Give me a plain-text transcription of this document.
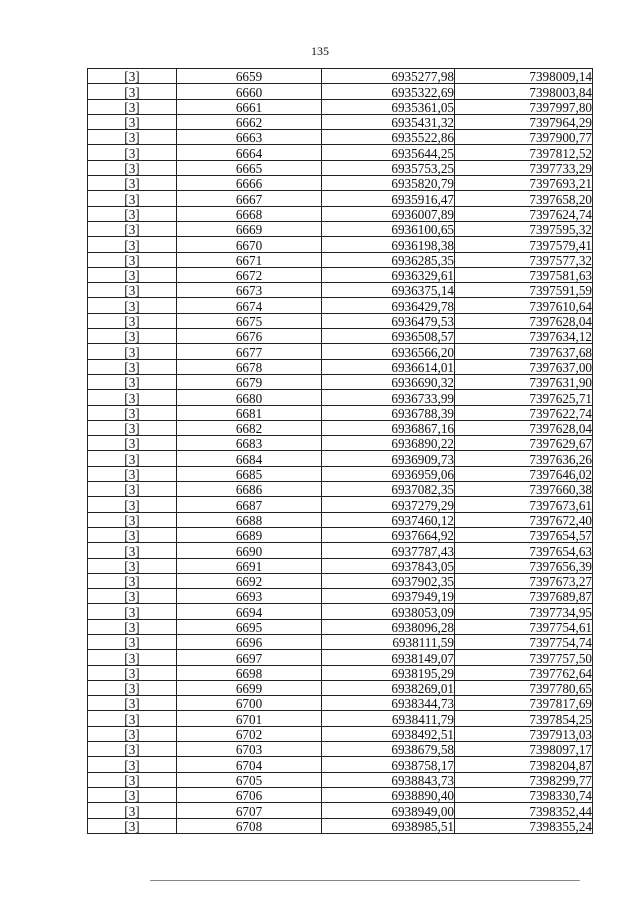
135
[3]	6659	6935277,98	7398009,14
[3]	6660	6935322,69	7398003,84
[3]	6661	6935361,05	7397997,80
[3]	6662	6935431,32	7397964,29
[3]	6663	6935522,86	7397900,77
[3]	6664	6935644,25	7397812,52
[3]	6665	6935753,25	7397733,29
[3]	6666	6935820,79	7397693,21
[3]	6667	6935916,47	7397658,20
[3]	6668	6936007,89	7397624,74
[3]	6669	6936100,65	7397595,32
[3]	6670	6936198,38	7397579,41
[3]	6671	6936285,35	7397577,32
[3]	6672	6936329,61	7397581,63
[3]	6673	6936375,14	7397591,59
[3]	6674	6936429,78	7397610,64
[3]	6675	6936479,53	7397628,04
[3]	6676	6936508,57	7397634,12
[3]	6677	6936566,20	7397637,68
[3]	6678	6936614,01	7397637,00
[3]	6679	6936690,32	7397631,90
[3]	6680	6936733,99	7397625,71
[3]	6681	6936788,39	7397622,74
[3]	6682	6936867,16	7397628,04
[3]	6683	6936890,22	7397629,67
[3]	6684	6936909,73	7397636,26
[3]	6685	6936959,06	7397646,02
[3]	6686	6937082,35	7397660,38
[3]	6687	6937279,29	7397673,61
[3]	6688	6937460,12	7397672,40
[3]	6689	6937664,92	7397654,57
[3]	6690	6937787,43	7397654,63
[3]	6691	6937843,05	7397656,39
[3]	6692	6937902,35	7397673,27
[3]	6693	6937949,19	7397689,87
[3]	6694	6938053,09	7397734,95
[3]	6695	6938096,28	7397754,61
[3]	6696	6938111,59	7397754,74
[3]	6697	6938149,07	7397757,50
[3]	6698	6938195,29	7397762,64
[3]	6699	6938269,01	7397780,65
[3]	6700	6938344,73	7397817,69
[3]	6701	6938411,79	7397854,25
[3]	6702	6938492,51	7397913,03
[3]	6703	6938679,58	7398097,17
[3]	6704	6938758,17	7398204,87
[3]	6705	6938843,73	7398299,77
[3]	6706	6938890,40	7398330,74
[3]	6707	6938949,00	7398352,44
[3]	6708	6938985,51	7398355,24
